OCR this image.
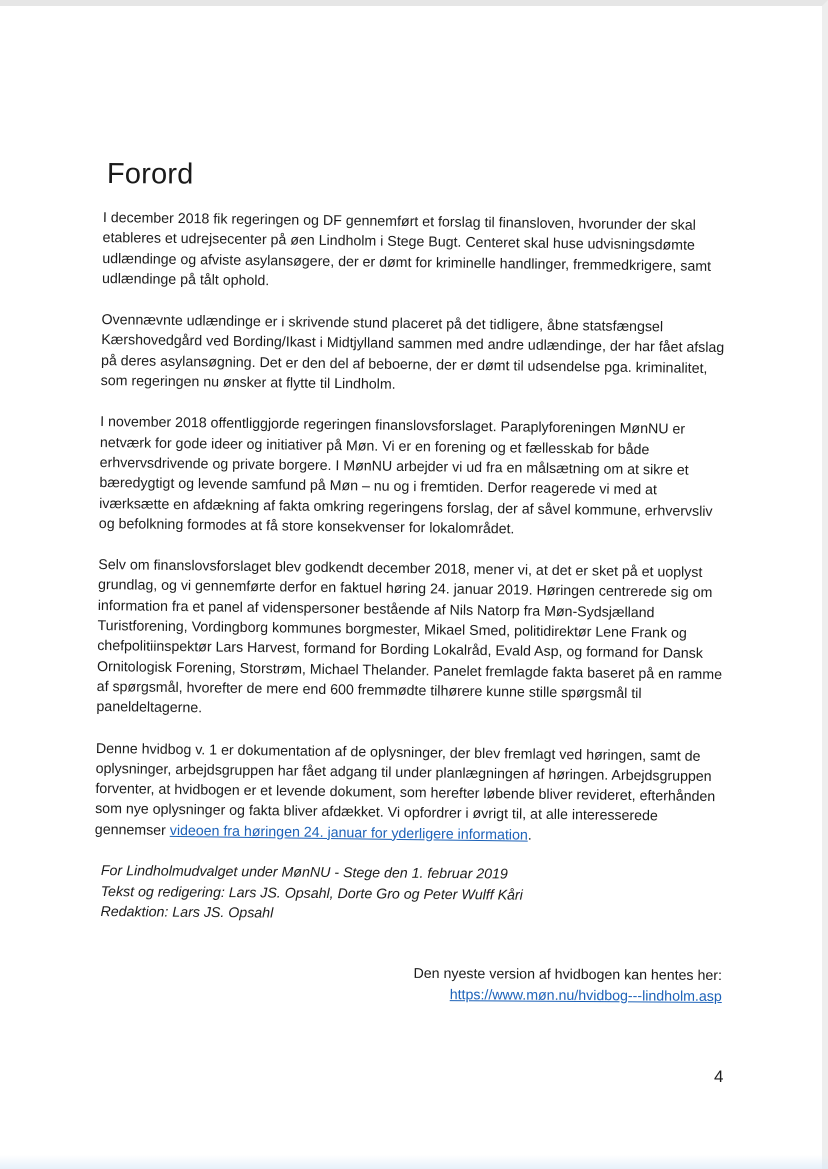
Forord

I december 2018 fik regeringen og DF gennemført et forslag til finansloven, hvorunder der skal etableres et udrejsecenter på øen Lindholm i Stege Bugt. Centeret skal huse udvisningsdømte udlændinge og afviste asylansøgere, der er dømt for kriminelle handlinger, fremmedkrigere, samt udlændinge på tålt ophold.

Ovennævnte udlændinge er i skrivende stund placeret på det tidligere, åbne statsfængsel Kærshovedgård ved Bording/Ikast i Midtjylland sammen med andre udlændinge, der har fået afslag på deres asylansøgning. Det er den del af beboerne, der er dømt til udsendelse pga. kriminalitet, som regeringen nu ønsker at flytte til Lindholm.

I november 2018 offentliggjorde regeringen finanslovsforslaget. Paraplyforeningen MønNU er netværk for gode ideer og initiativer på Møn. Vi er en forening og et fællesskab for både erhvervsdrivende og private borgere. I MønNU arbejder vi ud fra en målsætning om at sikre et bæredygtigt og levende samfund på Møn – nu og i fremtiden. Derfor reagerede vi med at iværksætte en afdækning af fakta omkring regeringens forslag, der af såvel kommune, erhvervsliv og befolkning formodes at få store konsekvenser for lokalområdet.

Selv om finanslovsforslaget blev godkendt december 2018, mener vi, at det er sket på et uoplyst grundlag, og vi gennemførte derfor en faktuel høring 24. januar 2019. Høringen centrerede sig om information fra et panel af videnspersoner bestående af Nils Natorp fra Møn-Sydsjælland Turistforening, Vordingborg kommunes borgmester, Mikael Smed, politidirektør Lene Frank og chefpolitiinspektør Lars Harvest, formand for Bording Lokalråd, Evald Asp, og formand for Dansk Ornitologisk Forening, Storstrøm, Michael Thelander. Panelet fremlagde fakta baseret på en ramme af spørgsmål, hvorefter de mere end 600 fremmødte tilhørere kunne stille spørgsmål til paneldeltagerne.

Denne hvidbog v. 1 er dokumentation af de oplysninger, der blev fremlagt ved høringen, samt de oplysninger, arbejdsgruppen har fået adgang til under planlægningen af høringen. Arbejdsgruppen forventer, at hvidbogen er et levende dokument, som herefter løbende bliver revideret, efterhånden som nye oplysninger og fakta bliver afdækket. Vi opfordrer i øvrigt til, at alle interesserede gennemser videoen fra høringen 24. januar for yderligere information.

For Lindholmudvalget under MønNU - Stege den 1. februar 2019
Tekst og redigering: Lars JS. Opsahl, Dorte Gro og Peter Wulff Kåri
Redaktion: Lars JS. Opsahl
Den nyeste version af hvidbogen kan hentes her:
https://www.møn.nu/hvidbog---lindholm.asp
4
